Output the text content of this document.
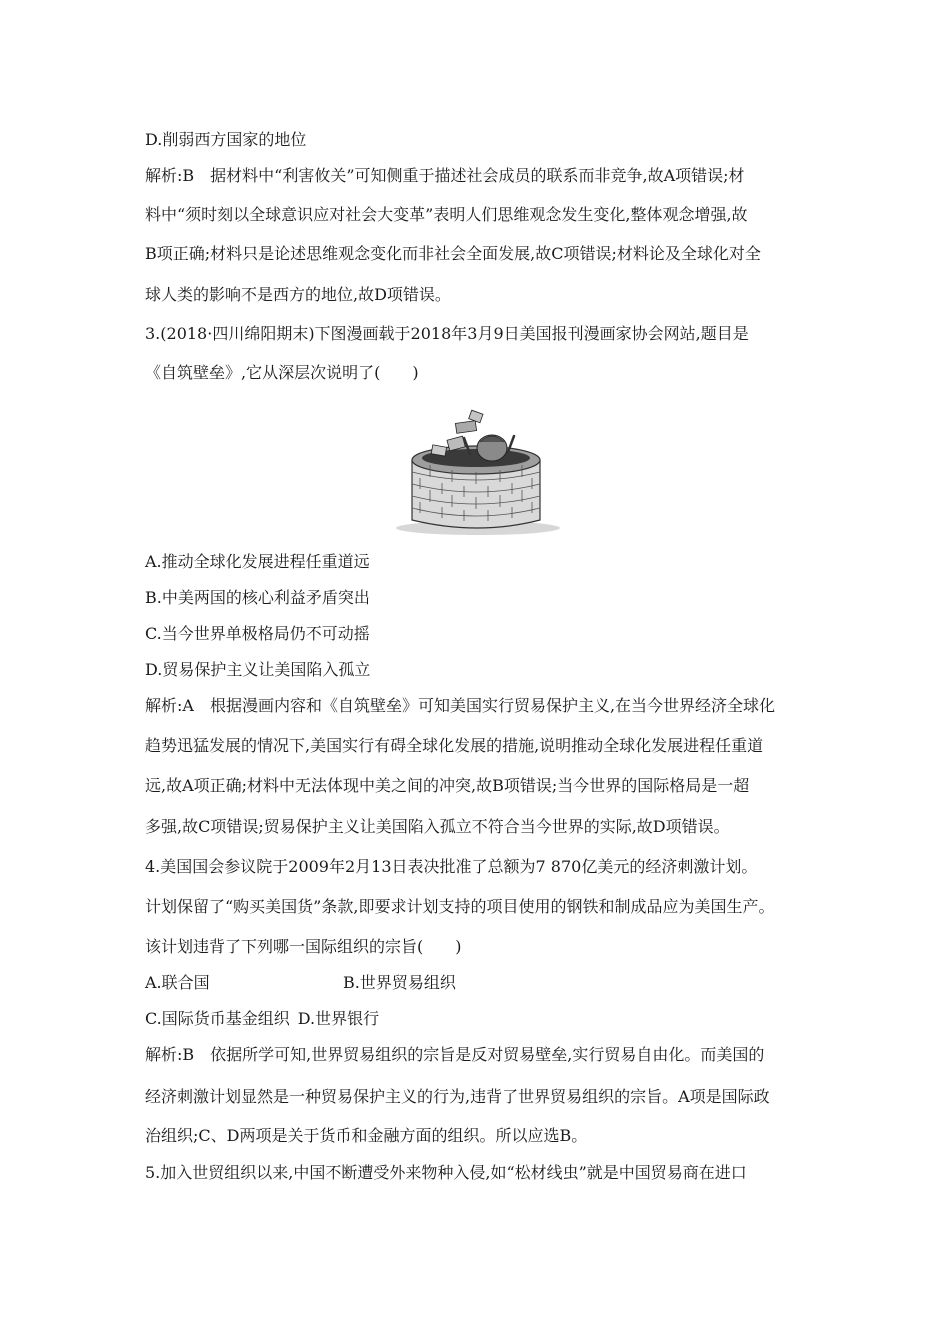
D.削弱西方国家的地位
解析:B　据材料中“利害攸关”可知侧重于描述社会成员的联系而非竞争,故A项错误;材
料中“须时刻以全球意识应对社会大变革”表明人们思维观念发生变化,整体观念增强,故
B项正确;材料只是论述思维观念变化而非社会全面发展,故C项错误;材料论及全球化对全
球人类的影响不是西方的地位,故D项错误。
3.(2018·四川绵阳期末)下图漫画载于2018年3月9日美国报刊漫画家协会网站,题目是
《自筑壁垒》,它从深层次说明了(　　)
A.推动全球化发展进程任重道远
B.中美两国的核心利益矛盾突出
C.当今世界单极格局仍不可动摇
D.贸易保护主义让美国陷入孤立
解析:A　根据漫画内容和《自筑壁垒》可知美国实行贸易保护主义,在当今世界经济全球化
趋势迅猛发展的情况下,美国实行有碍全球化发展的措施,说明推动全球化发展进程任重道
远,故A项正确;材料中无法体现中美之间的冲突,故B项错误;当今世界的国际格局是一超
多强,故C项错误;贸易保护主义让美国陷入孤立不符合当今世界的实际,故D项错误。
4.美国国会参议院于2009年2月13日表决批准了总额为7 870亿美元的经济刺激计划。
计划保留了“购买美国货”条款,即要求计划支持的项目使用的钢铁和制成品应为美国生产。
该计划违背了下列哪一国际组织的宗旨(　　)
A.联合国	B.世界贸易组织
C.国际货币基金组织  D.世界银行
解析:B　依据所学可知,世界贸易组织的宗旨是反对贸易壁垒,实行贸易自由化。而美国的
经济刺激计划显然是一种贸易保护主义的行为,违背了世界贸易组织的宗旨。A项是国际政
治组织;C、D两项是关于货币和金融方面的组织。所以应选B。
5.加入世贸组织以来,中国不断遭受外来物种入侵,如“松材线虫”就是中国贸易商在进口
